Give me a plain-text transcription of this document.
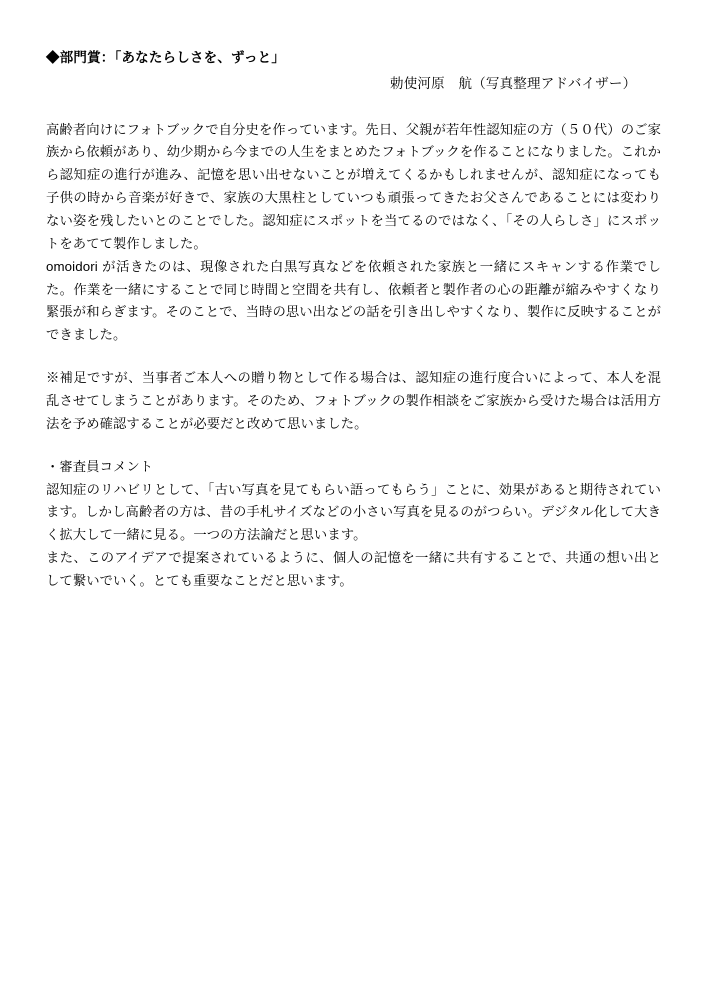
◆部門賞：「あなたらしさを、ずっと」
勅使河原　航（写真整理アドバイザー）

高齢者向けにフォトブックで自分史を作っています。先日、父親が若年性認知症の方（５０代）のご家族から依頼があり、幼少期から今までの人生をまとめたフォトブックを作ることになりました。これから認知症の進行が進み、記憶を思い出せないことが増えてくるかもしれませんが、認知症になっても子供の時から音楽が好きで、家族の大黒柱としていつも頑張ってきたお父さんであることには変わりない姿を残したいとのことでした。認知症にスポットを当てるのではなく、「その人らしさ」にスポットをあてて製作しました。

omoidori が活きたのは、現像された白黒写真などを依頼された家族と一緒にスキャンする作業でした。作業を一緒にすることで同じ時間と空間を共有し、依頼者と製作者の心の距離が縮みやすくなり緊張が和らぎます。そのことで、当時の思い出などの話を引き出しやすくなり、製作に反映することができました。

※補足ですが、当事者ご本人への贈り物として作る場合は、認知症の進行度合いによって、本人を混乱させてしまうことがあります。そのため、フォトブックの製作相談をご家族から受けた場合は活用方法を予め確認することが必要だと改めて思いました。

・審査員コメント

認知症のリハビリとして、「古い写真を見てもらい語ってもらう」ことに、効果があると期待されています。しかし高齢者の方は、昔の手札サイズなどの小さい写真を見るのがつらい。デジタル化して大きく拡大して一緒に見る。一つの方法論だと思います。

また、このアイデアで提案されているように、個人の記憶を一緒に共有することで、共通の想い出として繋いでいく。とても重要なことだと思います。
